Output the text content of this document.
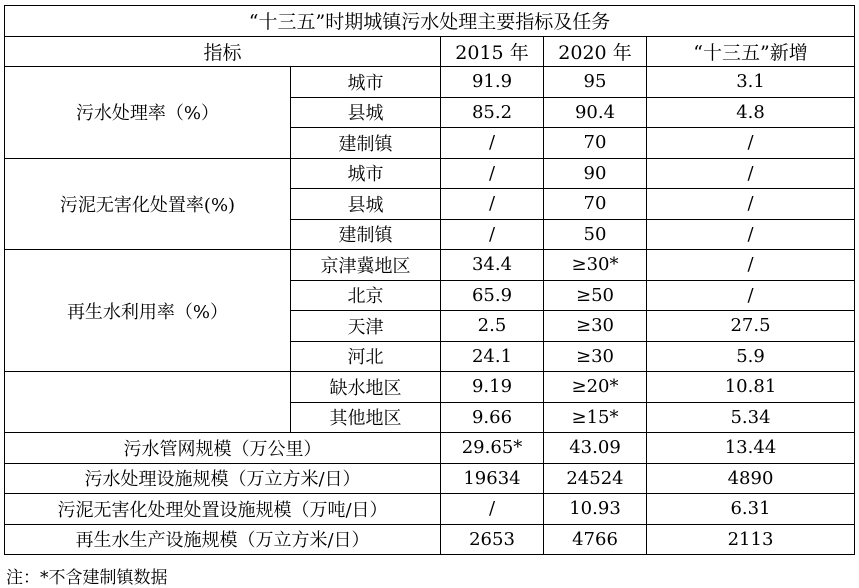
“十三五”时期城镇污水处理主要指标及任务				
指标		2015 年	2020 年	“十三五”新增
污水处理率（%）	城市	91.9	95	3.1
	县城	85.2	90.4	4.8
	建制镇	/	70	/
污泥无害化处置率(%)	城市	/	90	/
	县城	/	70	/
	建制镇	/	50	/
再生水利用率（%）	京津冀地区	34.4	≥30*	/
	北京	65.9	≥50	/
	天津	2.5	≥30	27.5
	河北	24.1	≥30	5.9
	缺水地区	9.19	≥20*	10.81
	其他地区	9.66	≥15*	5.34
污水管网规模（万公里）		29.65*	43.09	13.44
污水处理设施规模（万立方米/日）		19634	24524	4890
污泥无害化处理处置设施规模（万吨/日）		/	10.93	6.31
再生水生产设施规模（万立方米/日）		2653	4766	2113
注：*不含建制镇数据
